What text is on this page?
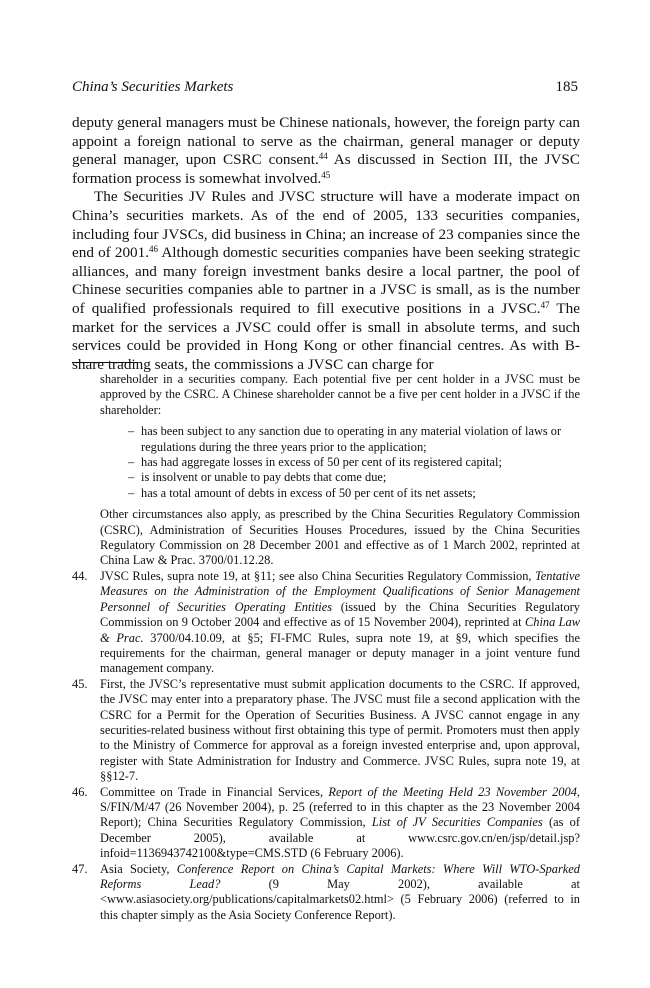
China’s Securities Markets	185

deputy general managers must be Chinese nationals, however, the foreign party can appoint a foreign national to serve as the chairman, general manager or deputy general manager, upon CSRC consent.$^{44}$ As discussed in Section III, the JVSC formation process is somewhat involved.$^{45}$

The Securities JV Rules and JVSC structure will have a moderate impact on China’s securities markets. As of the end of 2005, 133 securities companies, including four JVSCs, did business in China; an increase of 23 companies since the end of 2001.46 Although domestic securities companies have been seeking strategic alliances, and many foreign investment banks desire a local partner, the pool of Chinese securities companies able to partner in a JVSC is small, as is the number of qualified professionals required to fill executive positions in a JVSC.$^{47}$ The market for the services a JVSC could offer is small in absolute terms, and such services could be provided in Hong Kong or other financial centres. As with B-share trading seats, the commissions a JVSC can charge for

shareholder in a securities company. Each potential five per cent holder in a JVSC must be approved by the CSRC. A Chinese shareholder cannot be a five per cent holder in a JVSC if the shareholder:

– has been subject to any sanction due to operating in any material violation of laws or regulations during the three years prior to the application;
– has had aggregate losses in excess of 50 per cent of its registered capital;
– is insolvent or unable to pay debts that come due;
– has a total amount of debts in excess of 50 per cent of its net assets;

Other circumstances also apply, as prescribed by the China Securities Regulatory Commission (CSRC), Administration of Securities Houses Procedures, issued by the China Securities Regulatory Commission on 28 December 2001 and effective as of 1 March 2002, reprinted at China Law & Prac. 3700/01.12.28.

44. JVSC Rules, supra note 19, at §11; see also China Securities Regulatory Commission, Tentative Measures on the Administration of the Employment Qualifications of Senior Management Personnel of Securities Operating Entities (issued by the China Securities Regulatory Commission on 9 October 2004 and effective as of 15 November 2004), reprinted at China Law & Prac. 3700/04.10.09, at §5; FI-FMC Rules, supra note 19, at §9, which specifies the requirements for the chairman, general manager or deputy manager in a joint venture fund management company.

45. First, the JVSC’s representative must submit application documents to the CSRC. If approved, the JVSC may enter into a preparatory phase. The JVSC must file a second application with the CSRC for a Permit for the Operation of Securities Business. A JVSC cannot engage in any securities-related business without first obtaining this type of permit. Promoters must then apply to the Ministry of Commerce for approval as a foreign invested enterprise and, upon approval, register with State Administration for Industry and Commerce. JVSC Rules, supra note 19, at §§12-7.

46. Committee on Trade in Financial Services, Report of the Meeting Held 23 November 2004, S/FIN/M/47 (26 November 2004), p. 25 (referred to in this chapter as the 23 November 2004 Report); China Securities Regulatory Commission, List of JV Securities Companies (as of December 2005), available at www.csrc.gov.cn/en/jsp/detail.jsp?infoid=1136943742100&type=CMS.STD (6 February 2006).

47. Asia Society, Conference Report on China’s Capital Markets: Where Will WTO-Sparked Reforms Lead? (9 May 2002), available at <www.asiasociety.org/publications/capitalmarkets02.html> (5 February 2006) (referred to in this chapter simply as the Asia Society Conference Report).
